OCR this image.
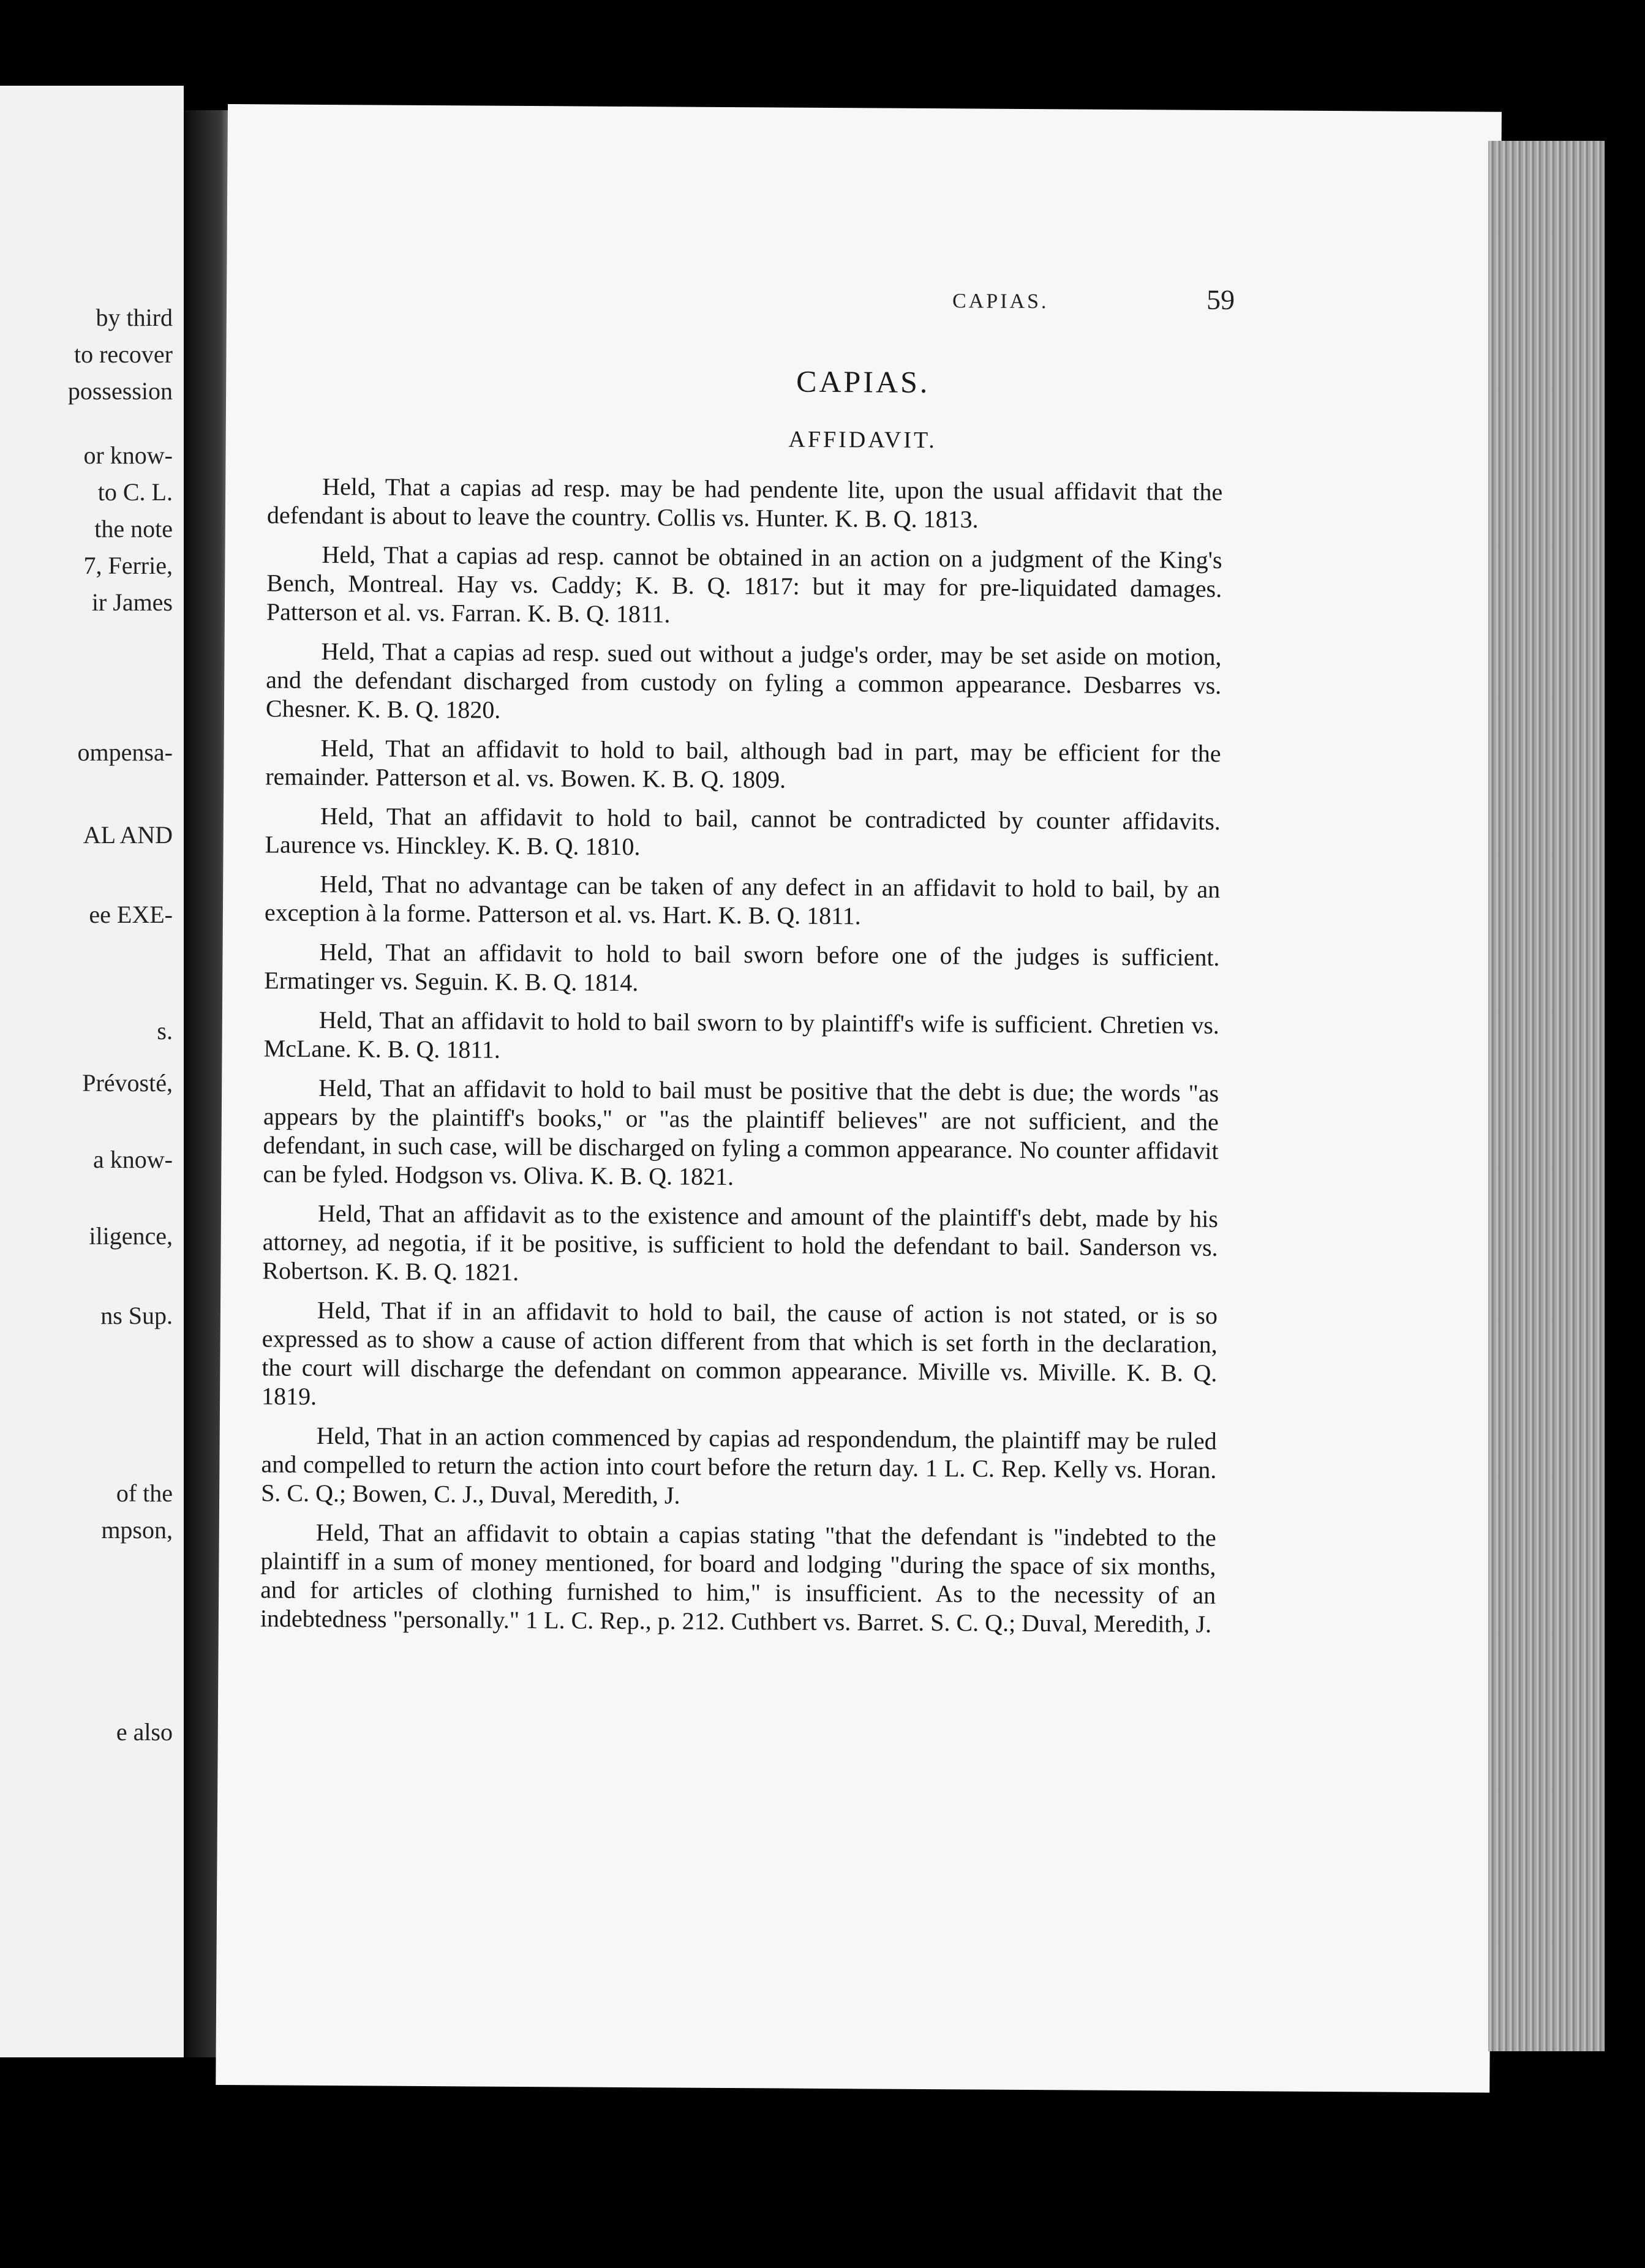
by third
to recover
possession
or know-
to C. L.
the note
7, Ferrie,
ir James
ompensa-
AL AND
ee EXE-
s.
Prévosté,
a know-
iligence,
ns Sup.
of the
mpson,
e also
CAPIAS.	59
CAPIAS.
AFFIDAVIT.

Held, That a capias ad resp. may be had pendente lite, upon the usual affidavit that the defendant is about to leave the country. Collis vs. Hunter. K. B. Q. 1813.

Held, That a capias ad resp. cannot be obtained in an action on a judgment of the King's Bench, Montreal. Hay vs. Caddy; K. B. Q. 1817: but it may for pre-liquidated damages. Patterson et al. vs. Farran. K. B. Q. 1811.

Held, That a capias ad resp. sued out without a judge's order, may be set aside on motion, and the defendant discharged from custody on fyling a common appearance. Desbarres vs. Chesner. K. B. Q. 1820.

Held, That an affidavit to hold to bail, although bad in part, may be efficient for the remainder. Patterson et al. vs. Bowen. K. B. Q. 1809.

Held, That an affidavit to hold to bail, cannot be contradicted by counter affidavits. Laurence vs. Hinckley. K. B. Q. 1810.

Held, That no advantage can be taken of any defect in an affidavit to hold to bail, by an exception à la forme. Patterson et al. vs. Hart. K. B. Q. 1811.

Held, That an affidavit to hold to bail sworn before one of the judges is sufficient. Ermatinger vs. Seguin. K. B. Q. 1814.

Held, That an affidavit to hold to bail sworn to by plaintiff's wife is sufficient. Chretien vs. McLane. K. B. Q. 1811.

Held, That an affidavit to hold to bail must be positive that the debt is due; the words "as appears by the plaintiff's books," or "as the plaintiff believes" are not sufficient, and the defendant, in such case, will be discharged on fyling a common appearance. No counter affidavit can be fyled. Hodgson vs. Oliva. K. B. Q. 1821.

Held, That an affidavit as to the existence and amount of the plaintiff's debt, made by his attorney, ad negotia, if it be positive, is sufficient to hold the defendant to bail. Sanderson vs. Robertson. K. B. Q. 1821.

Held, That if in an affidavit to hold to bail, the cause of action is not stated, or is so expressed as to show a cause of action different from that which is set forth in the declaration, the court will discharge the defendant on common appearance. Miville vs. Miville. K. B. Q. 1819.

Held, That in an action commenced by capias ad respondendum, the plaintiff may be ruled and compelled to return the action into court before the return day. 1 L. C. Rep. Kelly vs. Horan. S. C. Q.; Bowen, C. J., Duval, Meredith, J.

Held, That an affidavit to obtain a capias stating "that the defendant is "indebted to the plaintiff in a sum of money mentioned, for board and lodging "during the space of six months, and for articles of clothing furnished to him," is insufficient. As to the necessity of an indebtedness "personally." 1 L. C. Rep., p. 212. Cuthbert vs. Barret. S. C. Q.; Duval, Meredith, J.
